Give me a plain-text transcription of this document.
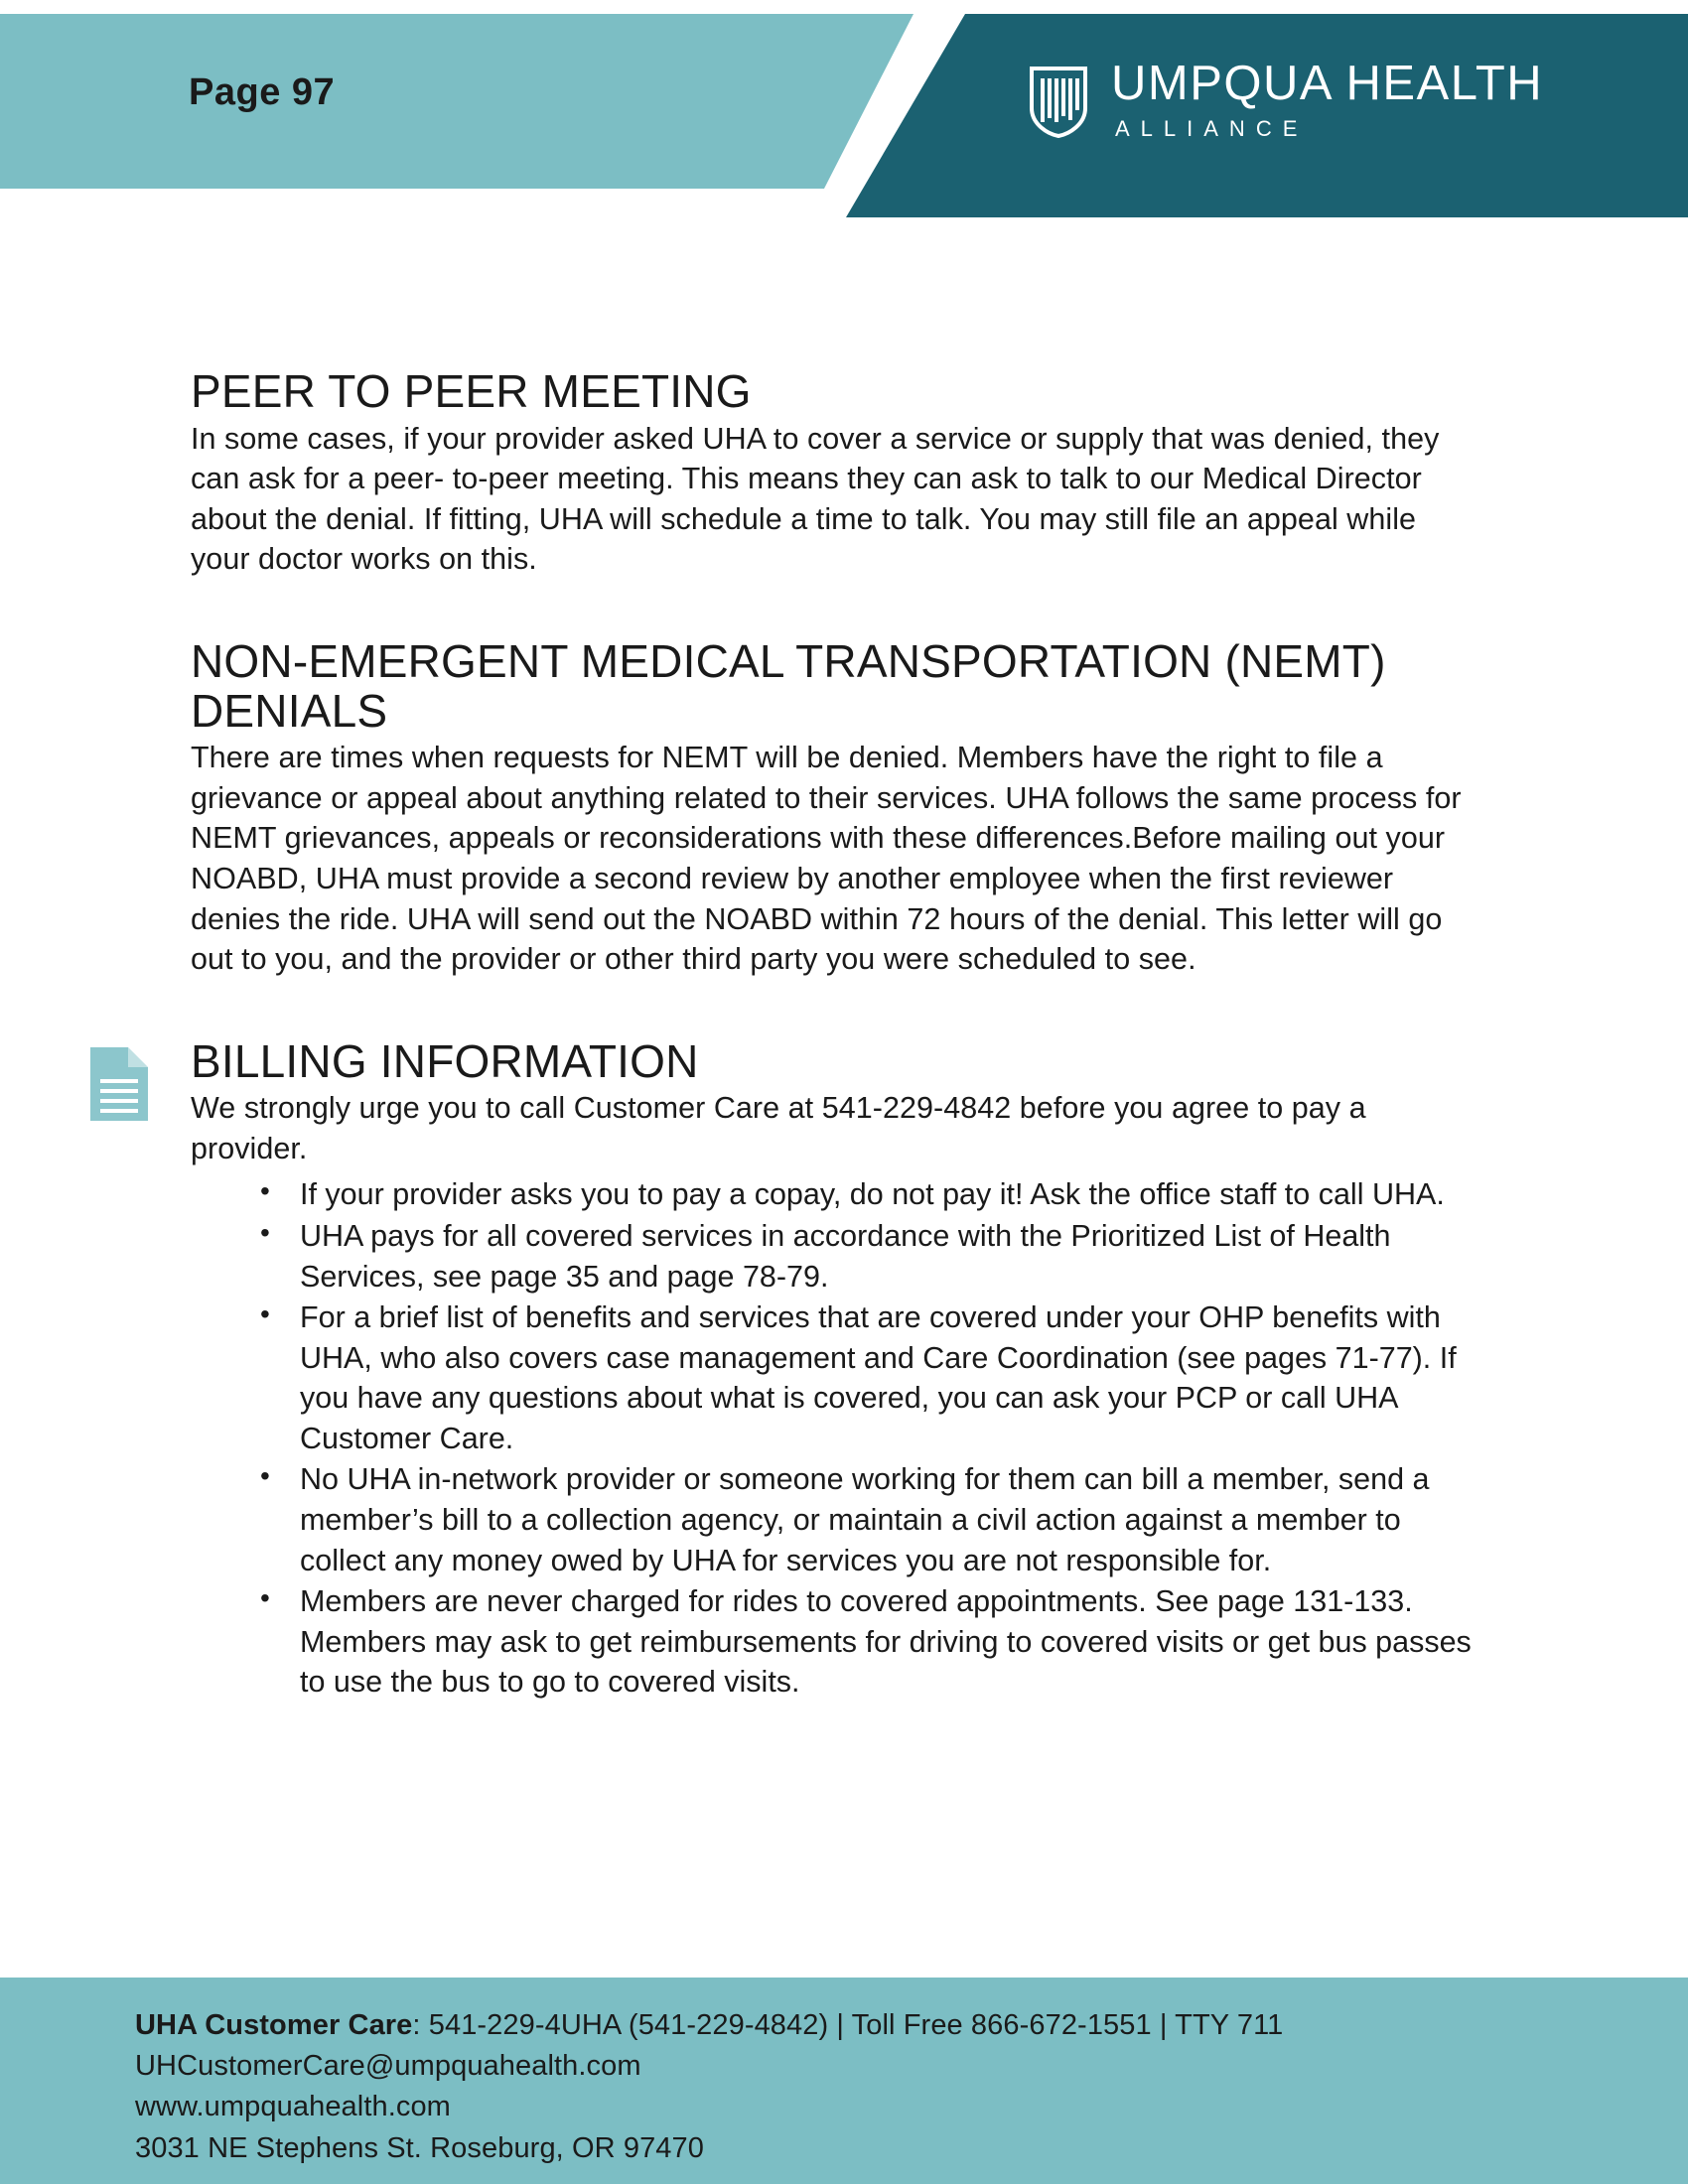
Page 97	UMPQUA HEALTH
ALLIANCE
PEER TO PEER MEETING

In some cases, if your provider asked UHA to cover a service or supply that was denied, they can ask for a peer- to-peer meeting. This means they can ask to talk to our Medical Director about the denial. If fitting, UHA will schedule a time to talk. You may still file an appeal while your doctor works on this.

NON-EMERGENT MEDICAL TRANSPORTATION (NEMT) DENIALS

There are times when requests for NEMT will be denied. Members have the right to file a grievance or appeal about anything related to their services. UHA follows the same process for NEMT grievances, appeals or reconsiderations with these differences.Before mailing out your NOABD, UHA must provide a second review by another employee when the first reviewer denies the ride. UHA will send out the NOABD within 72 hours of the denial. This letter will go out to you, and the provider or other third party you were scheduled to see.

BILLING INFORMATION

We strongly urge you to call Customer Care at 541-229-4842 before you agree to pay a provider.

• If your provider asks you to pay a copay, do not pay it! Ask the office staff to call UHA.
• UHA pays for all covered services in accordance with the Prioritized List of Health Services, see page 35 and page 78-79.
• For a brief list of benefits and services that are covered under your OHP benefits with UHA, who also covers case management and Care Coordination (see pages 71-77). If you have any questions about what is covered, you can ask your PCP or call UHA Customer Care.
• No UHA in-network provider or someone working for them can bill a member, send a member’s bill to a collection agency, or maintain a civil action against a member to collect any money owed by UHA for services you are not responsible for.
• Members are never charged for rides to covered appointments. See page 131-133. Members may ask to get reimbursements for driving to covered visits or get bus passes to use the bus to go to covered visits.
UHA Customer Care: 541-229-4UHA (541-229-4842) | Toll Free 866-672-1551 | TTY 711
UHCustomerCare@umpquahealth.com
www.umpquahealth.com
3031 NE Stephens St. Roseburg, OR 97470
